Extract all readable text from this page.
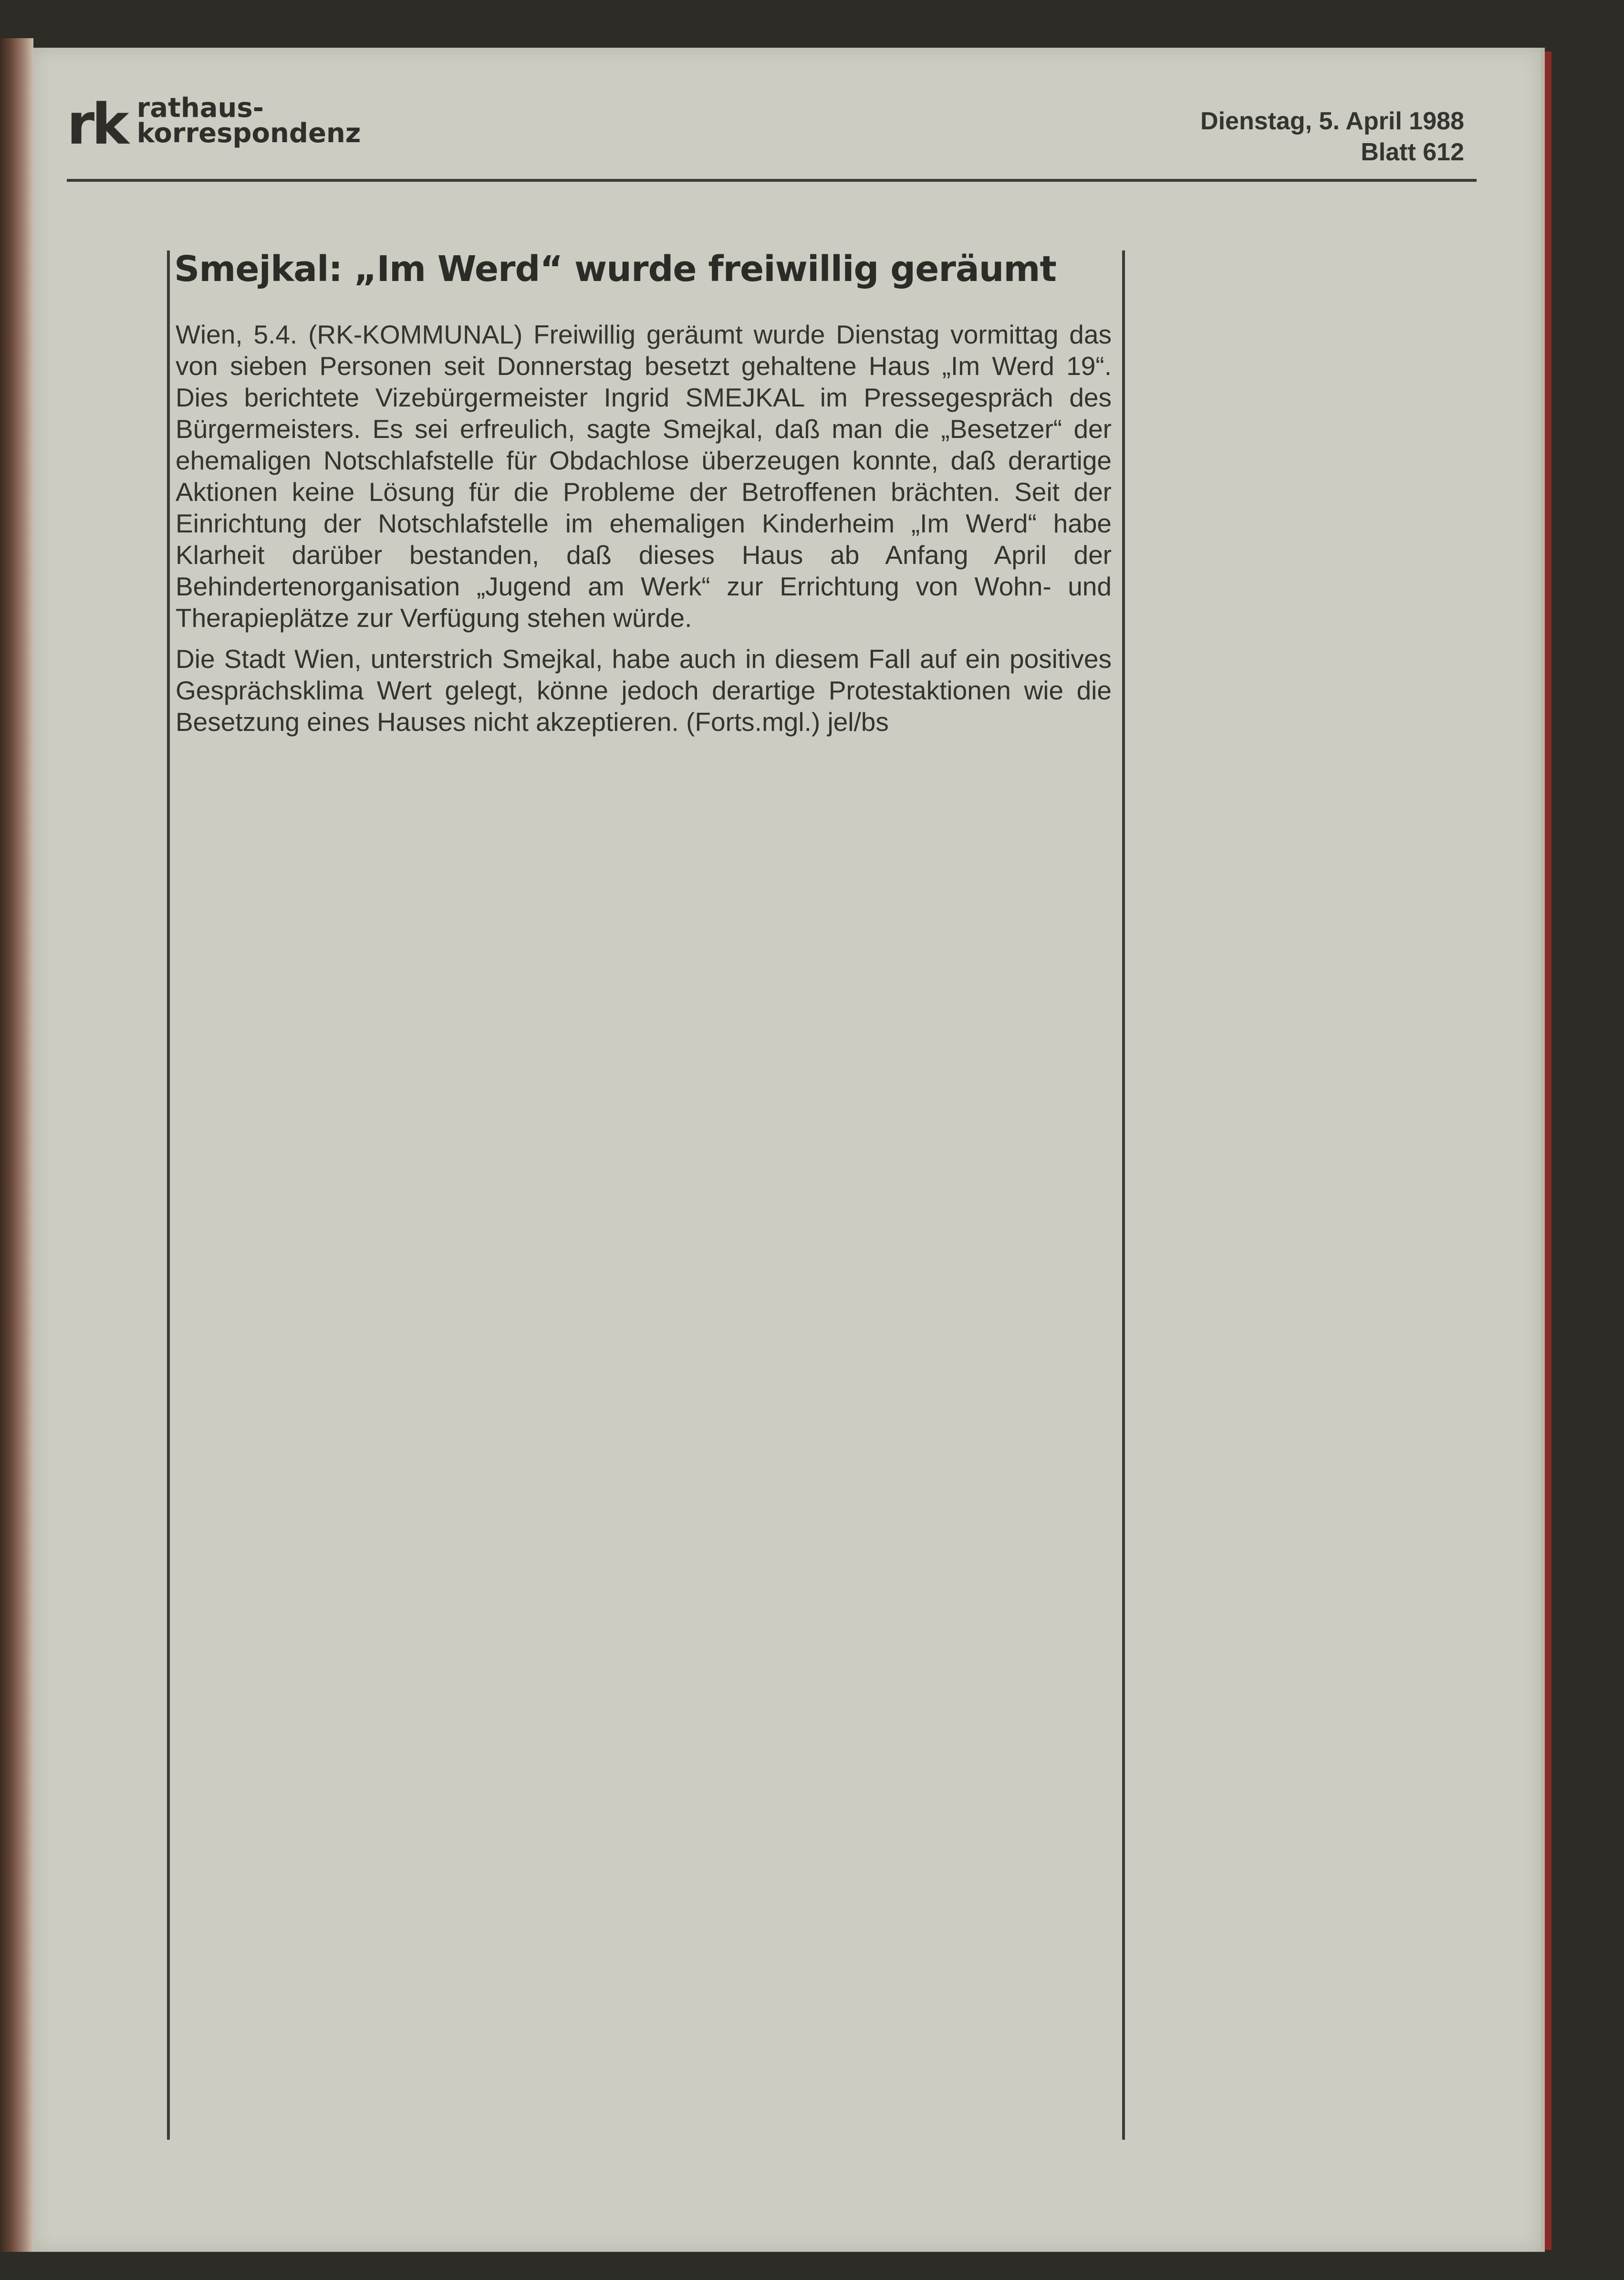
rk rathaus-
korrespondenz	Dienstag, 5. April 1988
Blatt 612
Smejkal: „Im Werd“ wurde freiwillig geräumt

Wien, 5.4. (RK-KOMMUNAL) Freiwillig geräumt wurde Dienstag vormittag das von sieben Personen seit Donnerstag besetzt gehaltene Haus „Im Werd 19“. Dies berichtete Vizebürgermeister Ingrid SMEJKAL im Pressegespräch des Bürgermeisters. Es sei erfreulich, sagte Smejkal, daß man die „Besetzer“ der ehemaligen Notschlafstelle für Obdachlose überzeugen konnte, daß derartige Aktionen keine Lösung für die Probleme der Betroffenen brächten. Seit der Einrichtung der Notschlafstelle im ehemaligen Kinderheim „Im Werd“ habe Klarheit darüber bestanden, daß dieses Haus ab Anfang April der Behindertenorganisation „Jugend am Werk“ zur Errichtung von Wohn- und Therapieplätze zur Verfügung stehen würde.

Die Stadt Wien, unterstrich Smejkal, habe auch in diesem Fall auf ein positives Gesprächsklima Wert gelegt, könne jedoch derartige Protestaktionen wie die Besetzung eines Hauses nicht akzeptieren. (Forts.mgl.) jel/bs
